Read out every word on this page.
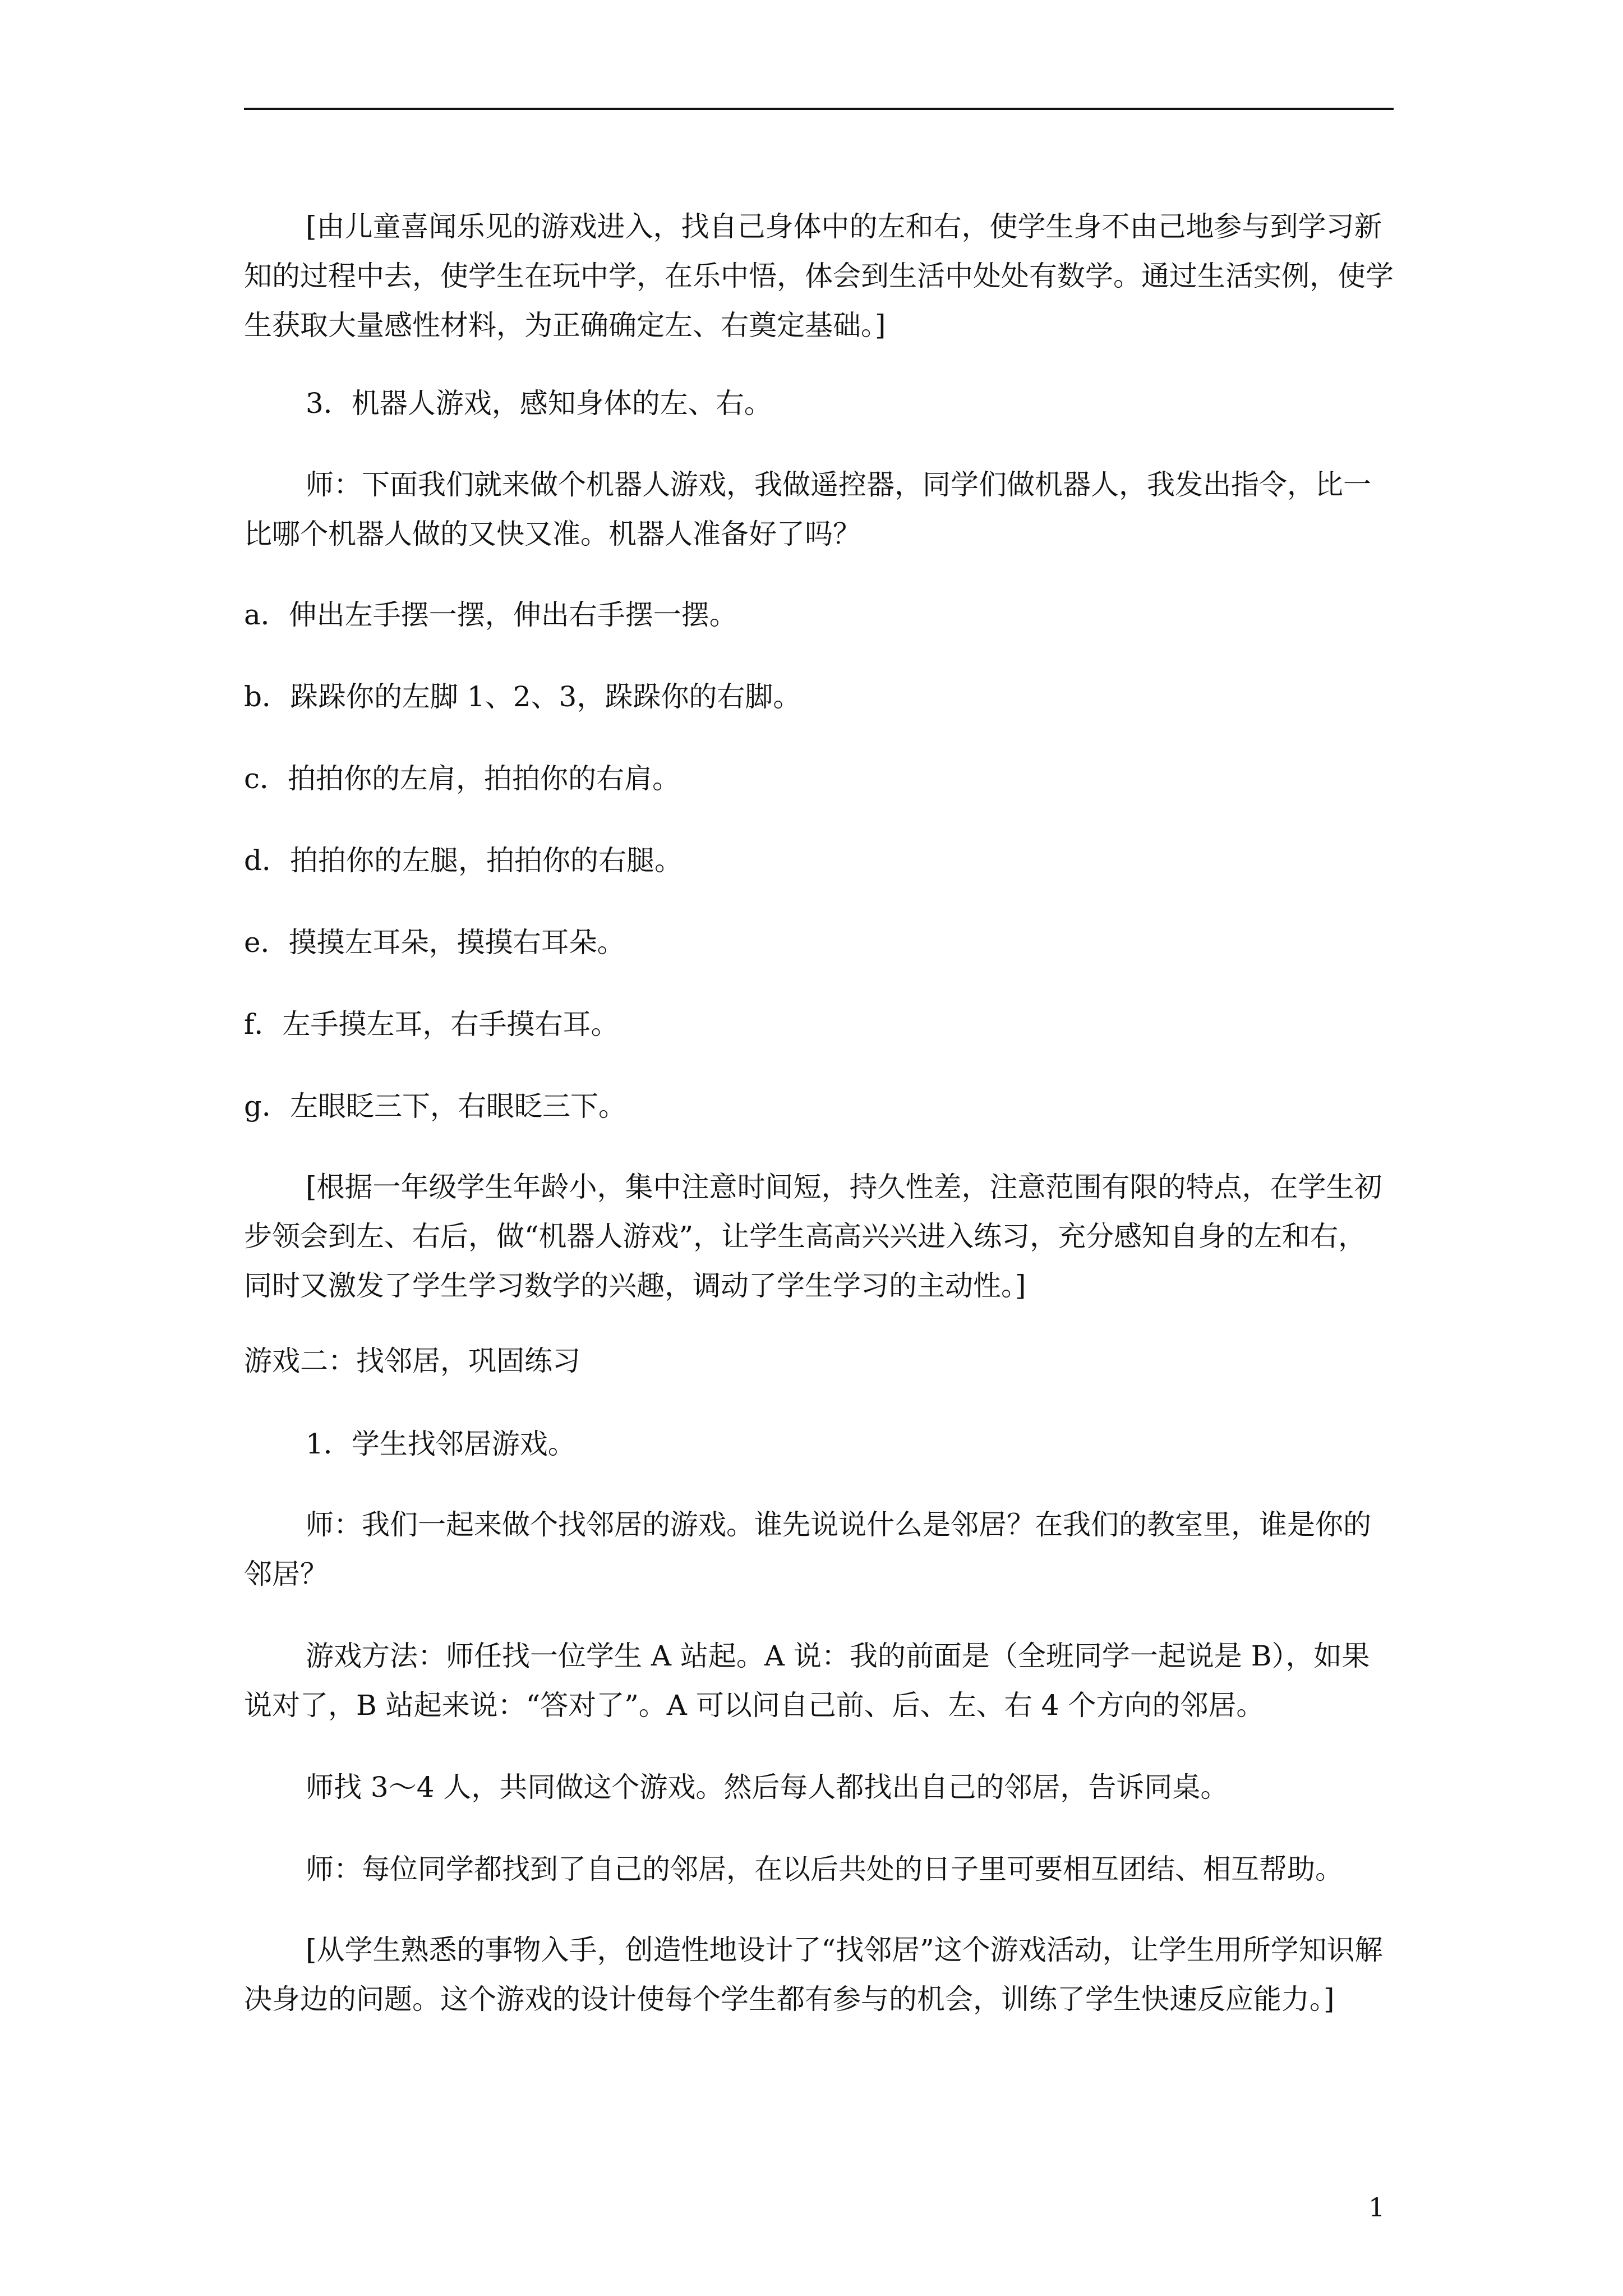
[由儿童喜闻乐见的游戏进入，找自己身体中的左和右，使学生身不由己地参与到学习新知的过程中去，使学生在玩中学，在乐中悟，体会到生活中处处有数学。通过生活实例，使学生获取大量感性材料，为正确确定左、右奠定基础。]

3．机器人游戏，感知身体的左、右。

师：下面我们就来做个机器人游戏，我做遥控器，同学们做机器人，我发出指令，比一比哪个机器人做的又快又准。机器人准备好了吗？

a．伸出左手摆一摆，伸出右手摆一摆。

b．跺跺你的左脚 1、2、3，跺跺你的右脚。

c．拍拍你的左肩，拍拍你的右肩。

d．拍拍你的左腿，拍拍你的右腿。

e．摸摸左耳朵，摸摸右耳朵。

f．左手摸左耳，右手摸右耳。

g．左眼眨三下，右眼眨三下。

[根据一年级学生年龄小，集中注意时间短，持久性差，注意范围有限的特点，在学生初步领会到左、右后，做“机器人游戏”，让学生高高兴兴进入练习，充分感知自身的左和右，同时又激发了学生学习数学的兴趣，调动了学生学习的主动性。]

游戏二：找邻居，巩固练习

1．学生找邻居游戏。

师：我们一起来做个找邻居的游戏。谁先说说什么是邻居？在我们的教室里，谁是你的邻居？

游戏方法：师任找一位学生 A 站起。A 说：我的前面是（全班同学一起说是 B），如果说对了，B 站起来说：“答对了”。A 可以问自己前、后、左、右 4 个方向的邻居。

师找 3～4 人，共同做这个游戏。然后每人都找出自己的邻居，告诉同桌。

师：每位同学都找到了自己的邻居，在以后共处的日子里可要相互团结、相互帮助。

[从学生熟悉的事物入手，创造性地设计了“找邻居”这个游戏活动，让学生用所学知识解决身边的问题。这个游戏的设计使每个学生都有参与的机会，训练了学生快速反应能力。]

1
